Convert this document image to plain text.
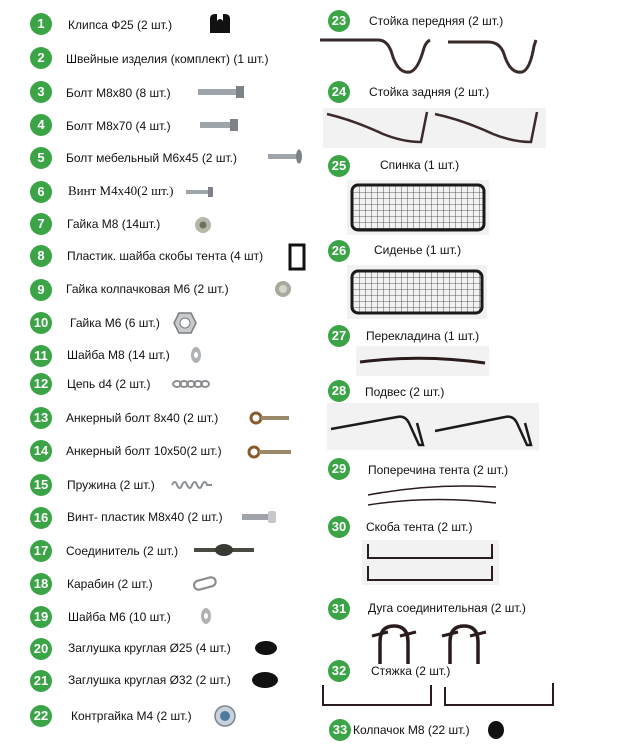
1	Клипса Ф25 (2 шт.)
2	Швейные изделия (комплект) (1 шт.)
3	Болт М8х80 (8 шт.)
4	Болт М8х70 (4 шт.)
5	Болт мебельный М6х45 (2 шт.)
6	Винт М4х40(2 шт.)
7	Гайка М8 (14шт.)
8	Пластик. шайба скобы тента (4 шт)
9	Гайка колпачковая М6 (2 шт.)
10	Гайка М6 (6 шт.)
11	Шайба М8 (14 шт.)
12	Цепь d4 (2 шт.)
13	Анкерный болт 8х40 (2 шт.)
14	Анкерный болт 10х50(2 шт.)
15	Пружина (2 шт.)
16	Винт- пластик М8х40 (2 шт.)
17	Соединитель (2 шт.)
18	Карабин (2 шт.)
19	Шайба М6 (10 шт.)
20	Заглушка круглая Ø25 (4 шт.)
21	Заглушка круглая Ø32 (2 шт.)
22	Контргайка М4 (2 шт.)
23	Стойка передняя (2 шт.)
24	Стойка задняя (2 шт.)
25	Спинка (1 шт.)
26	Сиденье (1 шт.)
27	Перекладина (1 шт.)
28	Подвес (2 шт.)
29	Поперечина тента (2 шт.)
30	Скоба тента (2 шт.)
31	Дуга соединительная (2 шт.)
32	Стяжка (2 шт.)
33 Колпачок М8 (22 шт.)
